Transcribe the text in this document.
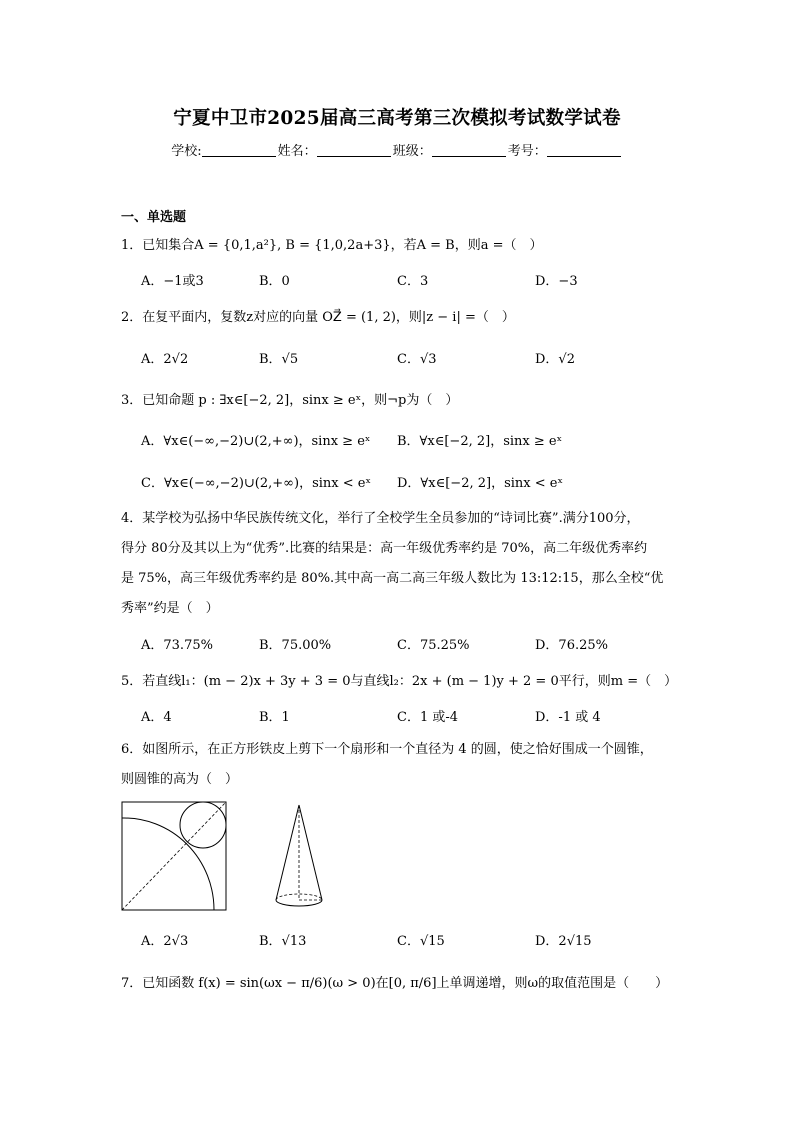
宁夏中卫市2025届高三高考第三次模拟考试数学试卷
学校:	姓名：	班级：	考号：
一、单选题
1．已知集合A = {0,1,a²}, B = {1,0,2a+3}，若A = B，则a =（　）
A．−1或3	B．0	C．3	D．−3
2．在复平面内，复数z对应的向量 OZ⃗ = (1, 2)，则|z − i| =（　）
A．2√2	B．√5	C．√3	D．√2
3．已知命题 p : ∃x∈[−2, 2]，sinx ≥ eˣ，则¬p为（　）
A．∀x∈(−∞,−2)∪(2,+∞)，sinx ≥ eˣ B．∀x∈[−2, 2]，sinx ≥ eˣ
C．∀x∈(−∞,−2)∪(2,+∞)，sinx < eˣ D．∀x∈[−2, 2]，sinx < eˣ
4．某学校为弘扬中华民族传统文化，举行了全校学生全员参加的“诗词比赛”.满分100分，
得分 80分及其以上为“优秀”.比赛的结果是：高一年级优秀率约是 70%，高二年级优秀率约
是 75%，高三年级优秀率约是 80%.其中高一高二高三年级人数比为 13:12:15，那么全校“优
秀率”约是（　）
A．73.75%	B．75.00%	C．75.25%	D．76.25%
5．若直线l₁：(m − 2)x + 3y + 3 = 0与直线l₂：2x + (m − 1)y + 2 = 0平行，则m =（　）
A．4	B．1	C．1 或-4	D．-1 或 4
6．如图所示，在正方形铁皮上剪下一个扇形和一个直径为 4 的圆，使之恰好围成一个圆锥，
则圆锥的高为（　）
A．2√3	B．√13	C．√15	D．2√15
7．已知函数 f(x) = sin(ωx − π/6)(ω > 0)在[0, π/6]上单调递增，则ω的取值范围是（　　）
